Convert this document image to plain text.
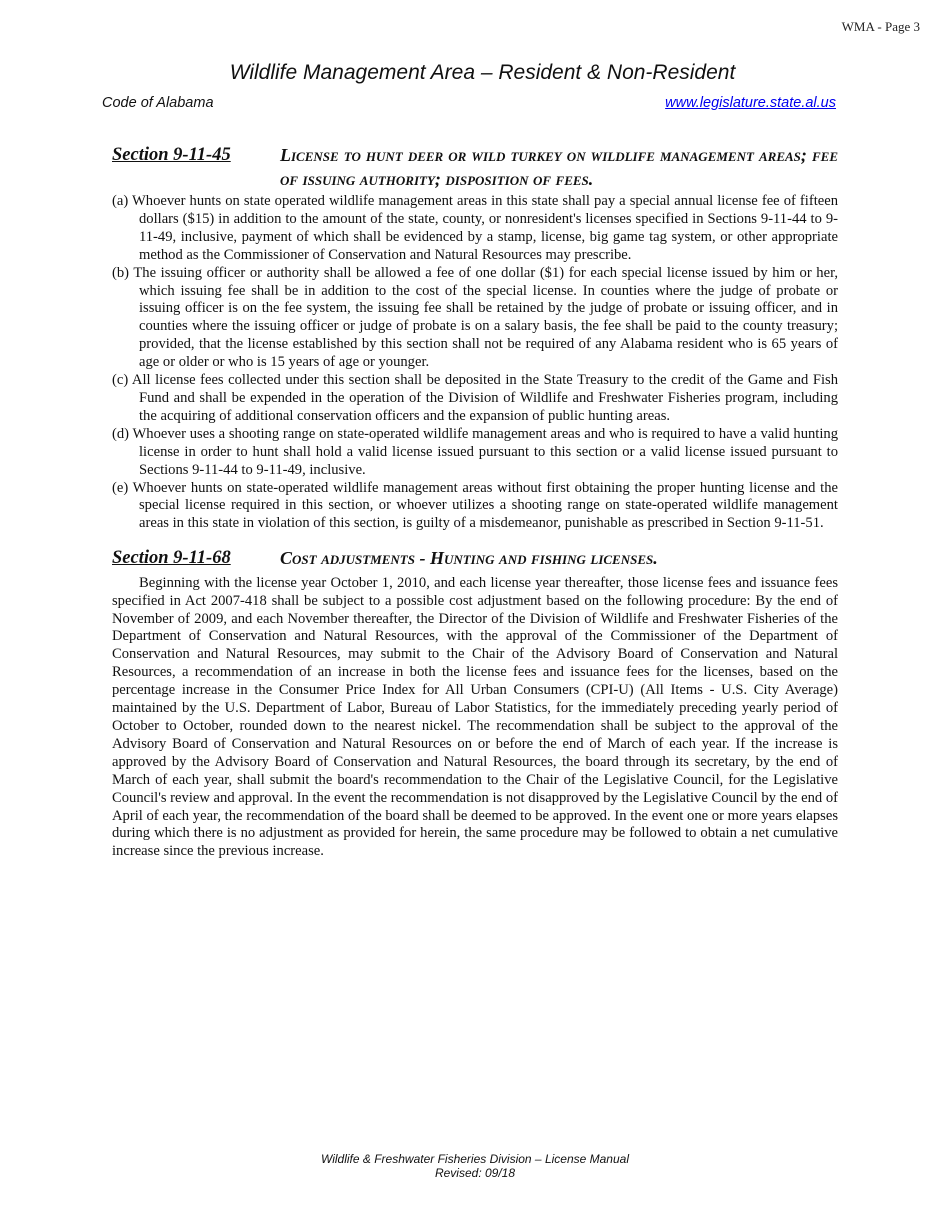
WMA - Page 3
Wildlife Management Area – Resident & Non-Resident
Code of Alabama	www.legislature.state.al.us
Section 9-11-45	License to hunt deer or wild turkey on wildlife management areas; fee of issuing authority; disposition of fees.

(a) Whoever hunts on state operated wildlife management areas in this state shall pay a special annual license fee of fifteen dollars ($15) in addition to the amount of the state, county, or nonresident's licenses specified in Sections 9-11-44 to 9-11-49, inclusive, payment of which shall be evidenced by a stamp, license, big game tag system, or other appropriate method as the Commissioner of Conservation and Natural Resources may prescribe.

(b) The issuing officer or authority shall be allowed a fee of one dollar ($1) for each special license issued by him or her, which issuing fee shall be in addition to the cost of the special license. In counties where the judge of probate or issuing officer is on the fee system, the issuing fee shall be retained by the judge of probate or issuing officer, and in counties where the issuing officer or judge of probate is on a salary basis, the fee shall be paid to the county treasury; provided, that the license established by this section shall not be required of any Alabama resident who is 65 years of age or older or who is 15 years of age or younger.

(c) All license fees collected under this section shall be deposited in the State Treasury to the credit of the Game and Fish Fund and shall be expended in the operation of the Division of Wildlife and Freshwater Fisheries program, including the acquiring of additional conservation officers and the expansion of public hunting areas.

(d) Whoever uses a shooting range on state-operated wildlife management areas and who is required to have a valid hunting license in order to hunt shall hold a valid license issued pursuant to this section or a valid license issued pursuant to Sections 9-11-44 to 9-11-49, inclusive.

(e) Whoever hunts on state-operated wildlife management areas without first obtaining the proper hunting license and the special license required in this section, or whoever utilizes a shooting range on state-operated wildlife management areas in this state in violation of this section, is guilty of a misdemeanor, punishable as prescribed in Section 9-11-51.

Section 9-11-68	Cost adjustments - Hunting and fishing licenses.

Beginning with the license year October 1, 2010, and each license year thereafter, those license fees and issuance fees specified in Act 2007-418 shall be subject to a possible cost adjustment based on the following procedure: By the end of November of 2009, and each November thereafter, the Director of the Division of Wildlife and Freshwater Fisheries of the Department of Conservation and Natural Resources, with the approval of the Commissioner of the Department of Conservation and Natural Resources, may submit to the Chair of the Advisory Board of Conservation and Natural Resources, a recommendation of an increase in both the license fees and issuance fees for the licenses, based on the percentage increase in the Consumer Price Index for All Urban Consumers (CPI-U) (All Items - U.S. City Average) maintained by the U.S. Department of Labor, Bureau of Labor Statistics, for the immediately preceding yearly period of October to October, rounded down to the nearest nickel. The recommendation shall be subject to the approval of the Advisory Board of Conservation and Natural Resources on or before the end of March of each year. If the increase is approved by the Advisory Board of Conservation and Natural Resources, the board through its secretary, by the end of March of each year, shall submit the board's recommendation to the Chair of the Legislative Council, for the Legislative Council's review and approval. In the event the recommendation is not disapproved by the Legislative Council by the end of April of each year, the recommendation of the board shall be deemed to be approved. In the event one or more years elapses during which there is no adjustment as provided for herein, the same procedure may be followed to obtain a net cumulative increase since the previous increase.

Wildlife & Freshwater Fisheries Division – License Manual
Revised: 09/18
